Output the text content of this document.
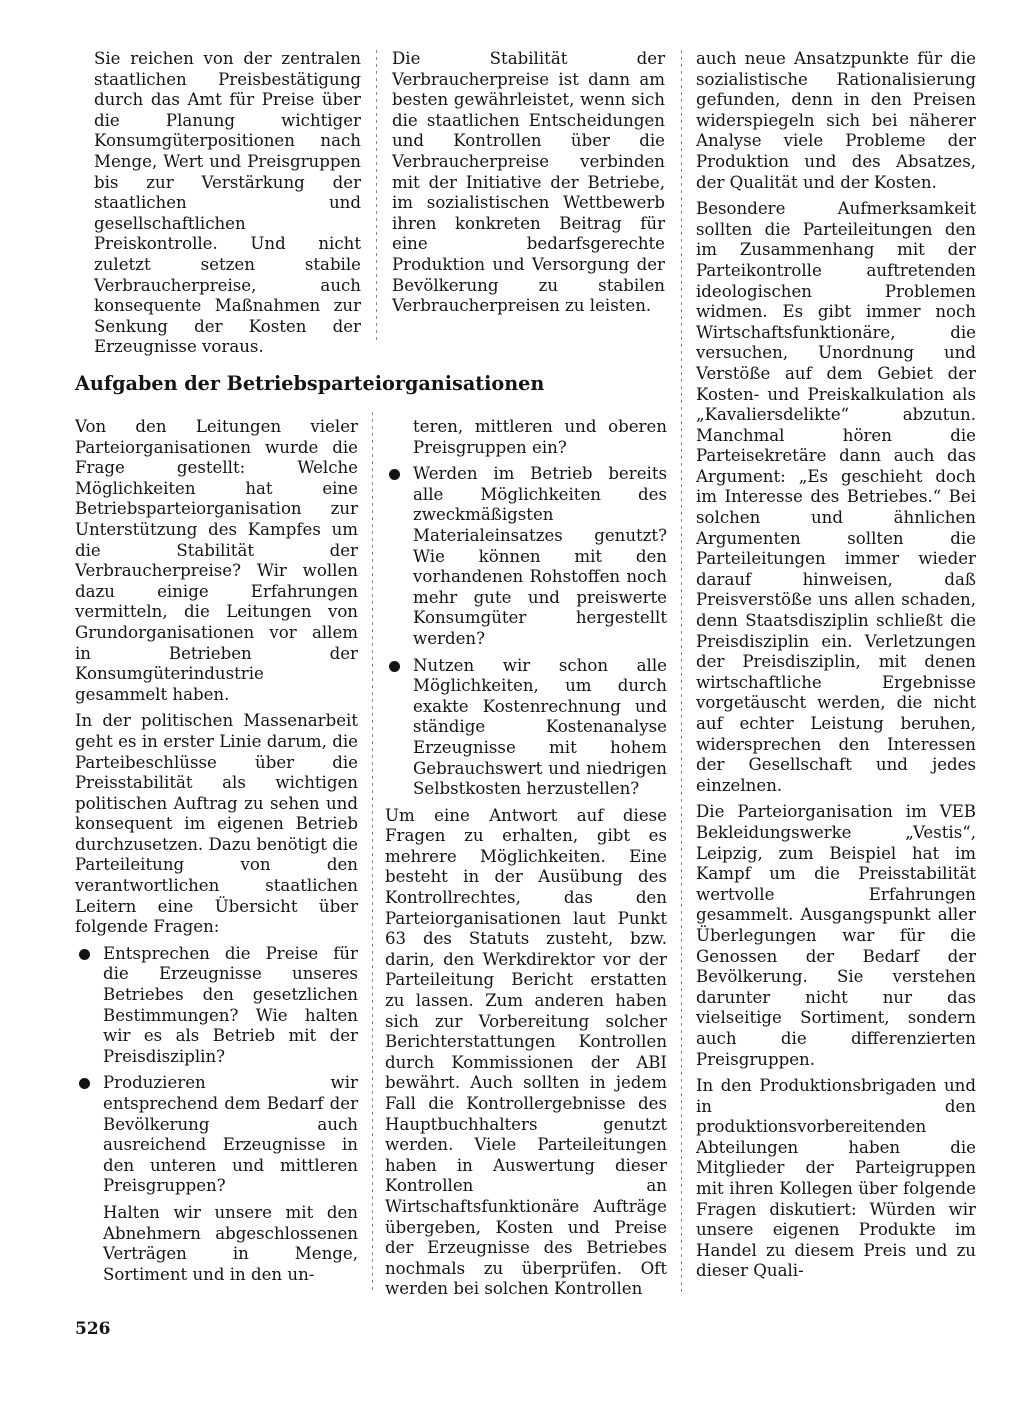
Sie reichen von der zentralen staatlichen Preisbestätigung durch das Amt für Preise über die Planung wichtiger Konsumgüterpositionen nach Menge, Wert und Preisgruppen bis zur Verstärkung der staatlichen und gesellschaftlichen Preiskontrolle. Und nicht zuletzt setzen stabile Verbraucherpreise, auch konsequente Maßnahmen zur Senkung der Kosten der Erzeugnisse voraus.

Die Stabilität der Verbraucherpreise ist dann am besten gewährleistet, wenn sich die staatlichen Entscheidungen und Kontrollen über die Verbraucherpreise verbinden mit der Initiative der Betriebe, im sozialistischen Wettbewerb ihren konkreten Beitrag für eine bedarfsgerechte Produktion und Versorgung der Bevölkerung zu stabilen Verbraucherpreisen zu leisten.

Aufgaben der Betriebsparteiorganisationen

Von den Leitungen vieler Parteiorganisationen wurde die Frage gestellt: Welche Möglichkeiten hat eine Betriebsparteiorganisation zur Unterstützung des Kampfes um die Stabilität der Verbraucherpreise? Wir wollen dazu einige Erfahrungen vermitteln, die Leitungen von Grundorganisationen vor allem in Betrieben der Konsumgüterindustrie gesammelt haben.

In der politischen Massenarbeit geht es in erster Linie darum, die Parteibeschlüsse über die Preisstabilität als wichtigen politischen Auftrag zu sehen und konsequent im eigenen Betrieb durchzusetzen. Dazu benötigt die Parteileitung von den verantwortlichen staatlichen Leitern eine Übersicht über folgende Fragen:

Entsprechen die Preise für die Erzeugnisse unseres Betriebes den gesetzlichen Bestimmungen? Wie halten wir es als Betrieb mit der Preisdisziplin?
Produzieren wir entsprechend dem Bedarf der Bevölkerung auch ausreichend Erzeugnisse in den unteren und mittleren Preisgruppen?

Halten wir unsere mit den Abnehmern abgeschlossenen Verträgen in Menge, Sortiment und in den un-

teren, mittleren und oberen Preisgruppen ein?

Werden im Betrieb bereits alle Möglichkeiten des zweckmäßigsten Materialeinsatzes genutzt? Wie können mit den vorhandenen Rohstoffen noch mehr gute und preiswerte Konsumgüter hergestellt werden?
Nutzen wir schon alle Möglichkeiten, um durch exakte Kostenrechnung und ständige Kostenanalyse Erzeugnisse mit hohem Gebrauchswert und niedrigen Selbstkosten herzustellen?

Um eine Antwort auf diese Fragen zu erhalten, gibt es mehrere Möglichkeiten. Eine besteht in der Ausübung des Kontrollrechtes, das den Parteiorganisationen laut Punkt 63 des Statuts zusteht, bzw. darin, den Werkdirektor vor der Parteileitung Bericht erstatten zu lassen. Zum anderen haben sich zur Vorbereitung solcher Berichterstattungen Kontrollen durch Kommissionen der ABI bewährt. Auch sollten in jedem Fall die Kontrollergebnisse des Hauptbuchhalters genutzt werden. Viele Parteileitungen haben in Auswertung dieser Kontrollen an Wirtschaftsfunktionäre Aufträge übergeben, Kosten und Preise der Erzeugnisse des Betriebes nochmals zu überprüfen. Oft werden bei solchen Kontrollen

auch neue Ansatzpunkte für die sozialistische Rationalisierung gefunden, denn in den Preisen widerspiegeln sich bei näherer Analyse viele Probleme der Produktion und des Absatzes, der Qualität und der Kosten.

Besondere Aufmerksamkeit sollten die Parteileitungen den im Zusammenhang mit der Parteikontrolle auftretenden ideologischen Problemen widmen. Es gibt immer noch Wirtschaftsfunktionäre, die versuchen, Unordnung und Verstöße auf dem Gebiet der Kosten- und Preiskalkulation als „Kavaliersdelikte“ abzutun. Manchmal hören die Parteisekretäre dann auch das Argument: „Es geschieht doch im Interesse des Betriebes.“ Bei solchen und ähnlichen Argumenten sollten die Parteileitungen immer wieder darauf hinweisen, daß Preisverstöße uns allen schaden, denn Staatsdisziplin schließt die Preisdisziplin ein. Verletzungen der Preisdisziplin, mit denen wirtschaftliche Ergebnisse vorgetäuscht werden, die nicht auf echter Leistung beruhen, widersprechen den Interessen der Gesellschaft und jedes einzelnen.

Die Parteiorganisation im VEB Bekleidungswerke „Vestis“, Leipzig, zum Beispiel hat im Kampf um die Preisstabilität wertvolle Erfahrungen gesammelt. Ausgangspunkt aller Überlegungen war für die Genossen der Bedarf der Bevölkerung. Sie verstehen darunter nicht nur das vielseitige Sortiment, sondern auch die differenzierten Preisgruppen.

In den Produktionsbrigaden und in den produktionsvorbereitenden Abteilungen haben die Mitglieder der Parteigruppen mit ihren Kollegen über folgende Fragen diskutiert: Würden wir unsere eigenen Produkte im Handel zu diesem Preis und zu dieser Quali-

526
